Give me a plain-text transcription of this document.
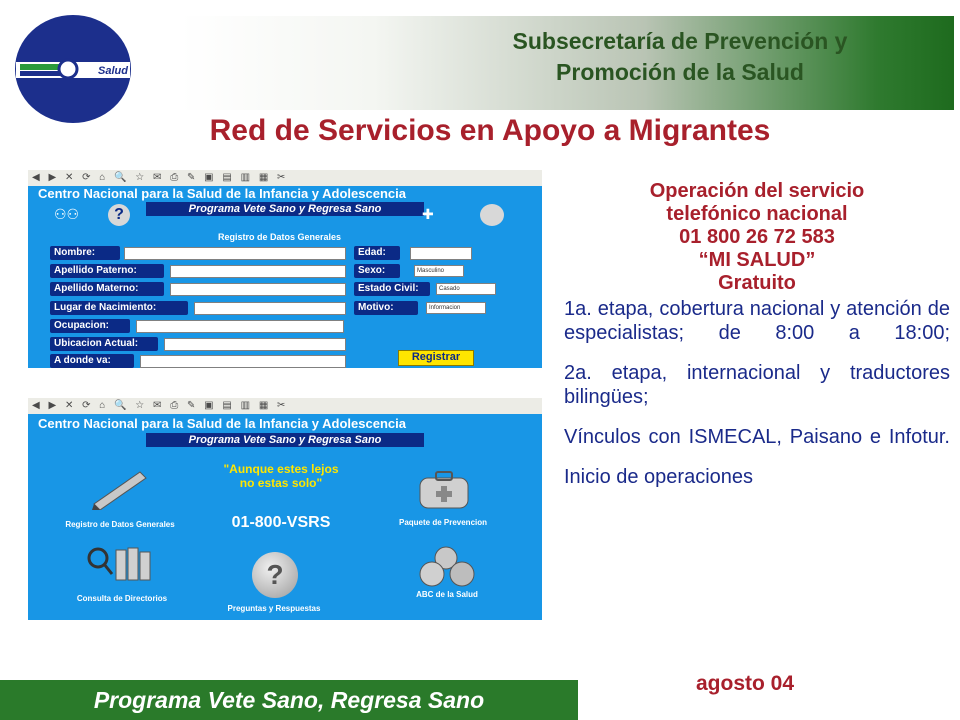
Salud
Subsecretaría de Prevención y
Promoción de la Salud
Red de Servicios en Apoyo a Migrantes
◀ ▶ ✕ ⟳ ⌂ 🔍 ☆ ✉ ⎙ ✎ ▣ ▤ ▥ ▦ ✂
Centro Nacional para la Salud de la Infancia y Adolescencia
Programa Vete Sano y Regresa Sano
⚇⚇	?	✚
Registro de Datos Generales
Nombre:
Apellido Paterno:
Apellido Materno:
Lugar de Nacimiento:
Ocupacion:
Ubicacion Actual:
A donde va:
Edad:
Sexo:	Masculino
Estado Civil:	Casado
Motivo:	Informacion
Registrar
◀ ▶ ✕ ⟳ ⌂ 🔍 ☆ ✉ ⎙ ✎ ▣ ▤ ▥ ▦ ✂
Centro Nacional para la Salud de la Infancia y Adolescencia
Programa Vete Sano y Regresa Sano
"Aunque estes lejos
no estas solo"
01-800-VSRS
Registro de Datos Generales	Paquete de Prevencion
Consulta de Directorios
?
Preguntas y Respuestas
ABC de la Salud
Operación del servicio
telefónico nacional
01 800 26 72 583
“MI SALUD”
Gratuito

1a. etapa, cobertura nacional y atención de especialistas; de 8:00 a 18:00;

2a. etapa, internacional y traductores bilingües;

Vínculos con ISMECAL, Paisano e Infotur.

Inicio de operaciones

Programa Vete Sano, Regresa Sano
agosto 04
